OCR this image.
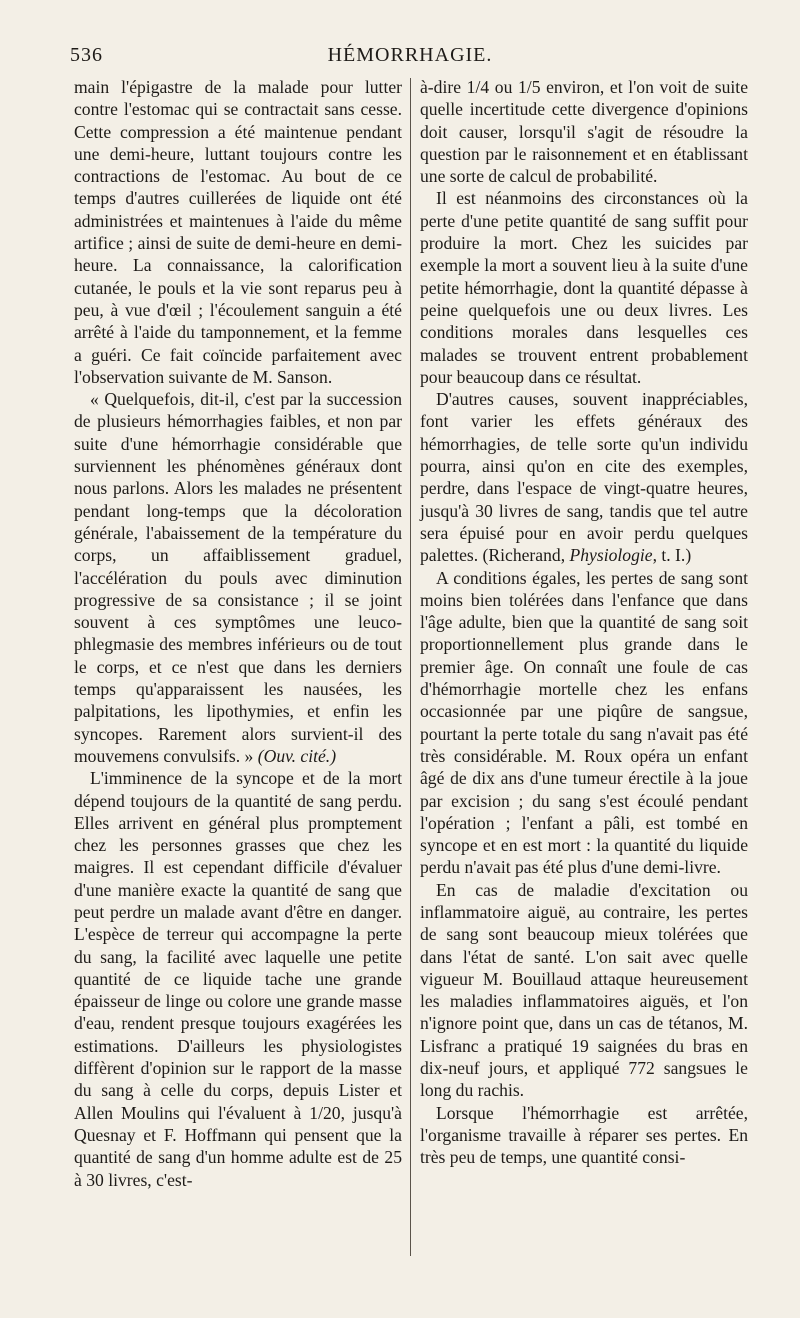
536	HÉMORRHAGIE.

main l'épigastre de la malade pour lutter contre l'estomac qui se contractait sans cesse. Cette compression a été maintenue pendant une demi-heure, luttant toujours contre les contractions de l'estomac. Au bout de ce temps d'autres cuillerées de liquide ont été administrées et maintenues à l'aide du même artifice ; ainsi de suite de demi-heure en demi-heure. La connaissance, la calorification cutanée, le pouls et la vie sont reparus peu à peu, à vue d'œil ; l'écoulement sanguin a été arrêté à l'aide du tamponnement, et la femme a guéri. Ce fait coïncide parfaitement avec l'observation suivante de M. Sanson.

« Quelquefois, dit-il, c'est par la succession de plusieurs hémorrhagies faibles, et non par suite d'une hémorrhagie considérable que surviennent les phénomènes généraux dont nous parlons. Alors les malades ne présentent pendant long-temps que la décoloration générale, l'abaissement de la température du corps, un affaiblissement graduel, l'accélération du pouls avec diminution progressive de sa consistance ; il se joint souvent à ces symptômes une leuco-phlegmasie des membres inférieurs ou de tout le corps, et ce n'est que dans les derniers temps qu'apparaissent les nausées, les palpitations, les lipothymies, et enfin les syncopes. Rarement alors survient-il des mouvemens convulsifs. » (Ouv. cité.)

L'imminence de la syncope et de la mort dépend toujours de la quantité de sang perdu. Elles arrivent en général plus promptement chez les personnes grasses que chez les maigres. Il est cependant difficile d'évaluer d'une manière exacte la quantité de sang que peut perdre un malade avant d'être en danger. L'espèce de terreur qui accompagne la perte du sang, la facilité avec laquelle une petite quantité de ce liquide tache une grande épaisseur de linge ou colore une grande masse d'eau, rendent presque toujours exagérées les estimations. D'ailleurs les physiologistes diffèrent d'opinion sur le rapport de la masse du sang à celle du corps, depuis Lister et Allen Moulins qui l'évaluent à 1/20, jusqu'à Quesnay et F. Hoffmann qui pensent que la quantité de sang d'un homme adulte est de 25 à 30 livres, c'est-

à-dire 1/4 ou 1/5 environ, et l'on voit de suite quelle incertitude cette divergence d'opinions doit causer, lorsqu'il s'agit de résoudre la question par le raisonnement et en établissant une sorte de calcul de probabilité.

Il est néanmoins des circonstances où la perte d'une petite quantité de sang suffit pour produire la mort. Chez les suicides par exemple la mort a souvent lieu à la suite d'une petite hémorrhagie, dont la quantité dépasse à peine quelquefois une ou deux livres. Les conditions morales dans lesquelles ces malades se trouvent entrent probablement pour beaucoup dans ce résultat.

D'autres causes, souvent inappréciables, font varier les effets généraux des hémorrhagies, de telle sorte qu'un individu pourra, ainsi qu'on en cite des exemples, perdre, dans l'espace de vingt-quatre heures, jusqu'à 30 livres de sang, tandis que tel autre sera épuisé pour en avoir perdu quelques palettes. (Richerand, Physiologie, t. I.)

A conditions égales, les pertes de sang sont moins bien tolérées dans l'enfance que dans l'âge adulte, bien que la quantité de sang soit proportionnellement plus grande dans le premier âge. On connaît une foule de cas d'hémorrhagie mortelle chez les enfans occasionnée par une piqûre de sangsue, pourtant la perte totale du sang n'avait pas été très considérable. M. Roux opéra un enfant âgé de dix ans d'une tumeur érectile à la joue par excision ; du sang s'est écoulé pendant l'opération ; l'enfant a pâli, est tombé en syncope et en est mort : la quantité du liquide perdu n'avait pas été plus d'une demi-livre.

En cas de maladie d'excitation ou inflammatoire aiguë, au contraire, les pertes de sang sont beaucoup mieux tolérées que dans l'état de santé. L'on sait avec quelle vigueur M. Bouillaud attaque heureusement les maladies inflammatoires aiguës, et l'on n'ignore point que, dans un cas de tétanos, M. Lisfranc a pratiqué 19 saignées du bras en dix-neuf jours, et appliqué 772 sangsues le long du rachis.

Lorsque l'hémorrhagie est arrêtée, l'organisme travaille à réparer ses pertes. En très peu de temps, une quantité consi-
